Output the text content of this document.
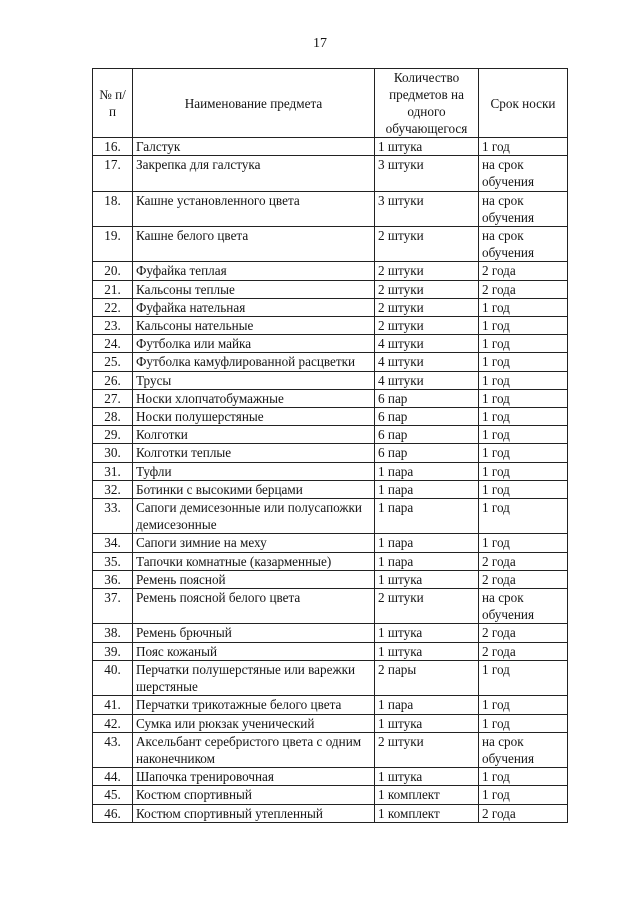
17
№ п/п	Наименование предмета	Количество предметов на одного обучающегося	Срок носки
16.	Галстук	1 штука	1 год
17.	Закрепка для галстука	3 штуки	на срок обучения
18.	Кашне установленного цвета	3 штуки	на срок обучения
19.	Кашне белого цвета	2 штуки	на срок обучения
20.	Фуфайка теплая	2 штуки	2 года
21.	Кальсоны теплые	2 штуки	2 года
22.	Фуфайка нательная	2 штуки	1 год
23.	Кальсоны нательные	2 штуки	1 год
24.	Футболка или майка	4 штуки	1 год
25.	Футболка камуфлированной расцветки	4 штуки	1 год
26.	Трусы	4 штуки	1 год
27.	Носки хлопчатобумажные	6 пар	1 год
28.	Носки полушерстяные	6 пар	1 год
29.	Колготки	6 пар	1 год
30.	Колготки теплые	6 пар	1 год
31.	Туфли	1 пара	1 год
32.	Ботинки с высокими берцами	1 пара	1 год
33.	Сапоги демисезонные или полусапожки демисезонные	1 пара	1 год
34.	Сапоги зимние на меху	1 пара	1 год
35.	Тапочки комнатные (казарменные)	1 пара	2 года
36.	Ремень поясной	1 штука	2 года
37.	Ремень поясной белого цвета	2 штуки	на срок обучения
38.	Ремень брючный	1 штука	2 года
39.	Пояс кожаный	1 штука	2 года
40.	Перчатки полушерстяные или варежки шерстяные	2 пары	1 год
41.	Перчатки трикотажные белого цвета	1 пара	1 год
42.	Сумка или рюкзак ученический	1 штука	1 год
43.	Аксельбант серебристого цвета с одним наконечником	2 штуки	на срок обучения
44.	Шапочка тренировочная	1 штука	1 год
45.	Костюм спортивный	1 комплект	1 год
46.	Костюм спортивный утепленный	1 комплект	2 года
